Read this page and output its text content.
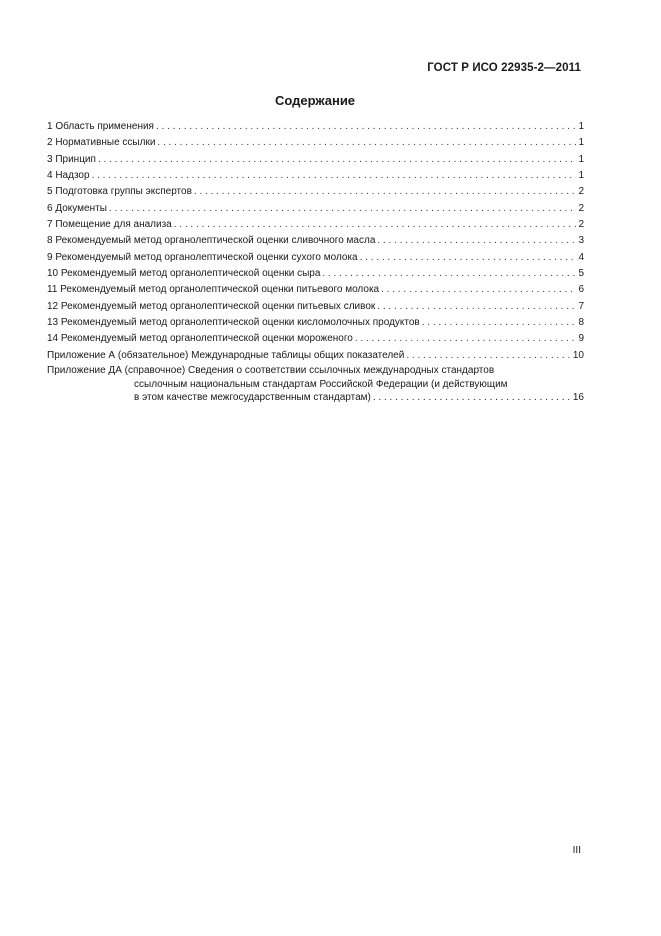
ГОСТ Р ИСО 22935-2—2011
Содержание
1 Область применения . . .	1
2 Нормативные ссылки . . .	1
3 Принцип . . .	1
4 Надзор . . .	1
5 Подготовка группы экспертов . . .	2
6 Документы . . .	2
7 Помещение для анализа . . .	2
8 Рекомендуемый метод органолептической оценки сливочного масла . . .	3
9 Рекомендуемый метод органолептической оценки сухого молока . . .	4
10 Рекомендуемый метод органолептической оценки сыра . . .	5
11 Рекомендуемый метод органолептической оценки питьевого молока . . .	6
12 Рекомендуемый метод органолептической оценки питьевых сливок . . .	7
13 Рекомендуемый метод органолептической оценки кисломолочных продуктов . . .	8
14 Рекомендуемый метод органолептической оценки мороженого . . .	9
Приложение А (обязательное) Международные таблицы общих показателей . . .	10
Приложение ДА (справочное) Сведения о соответствии ссылочных международных стандартов
ссылочным национальным стандартам Российской Федерации (и действующим
в этом качестве межгосударственным стандартам) . . .	16
III
